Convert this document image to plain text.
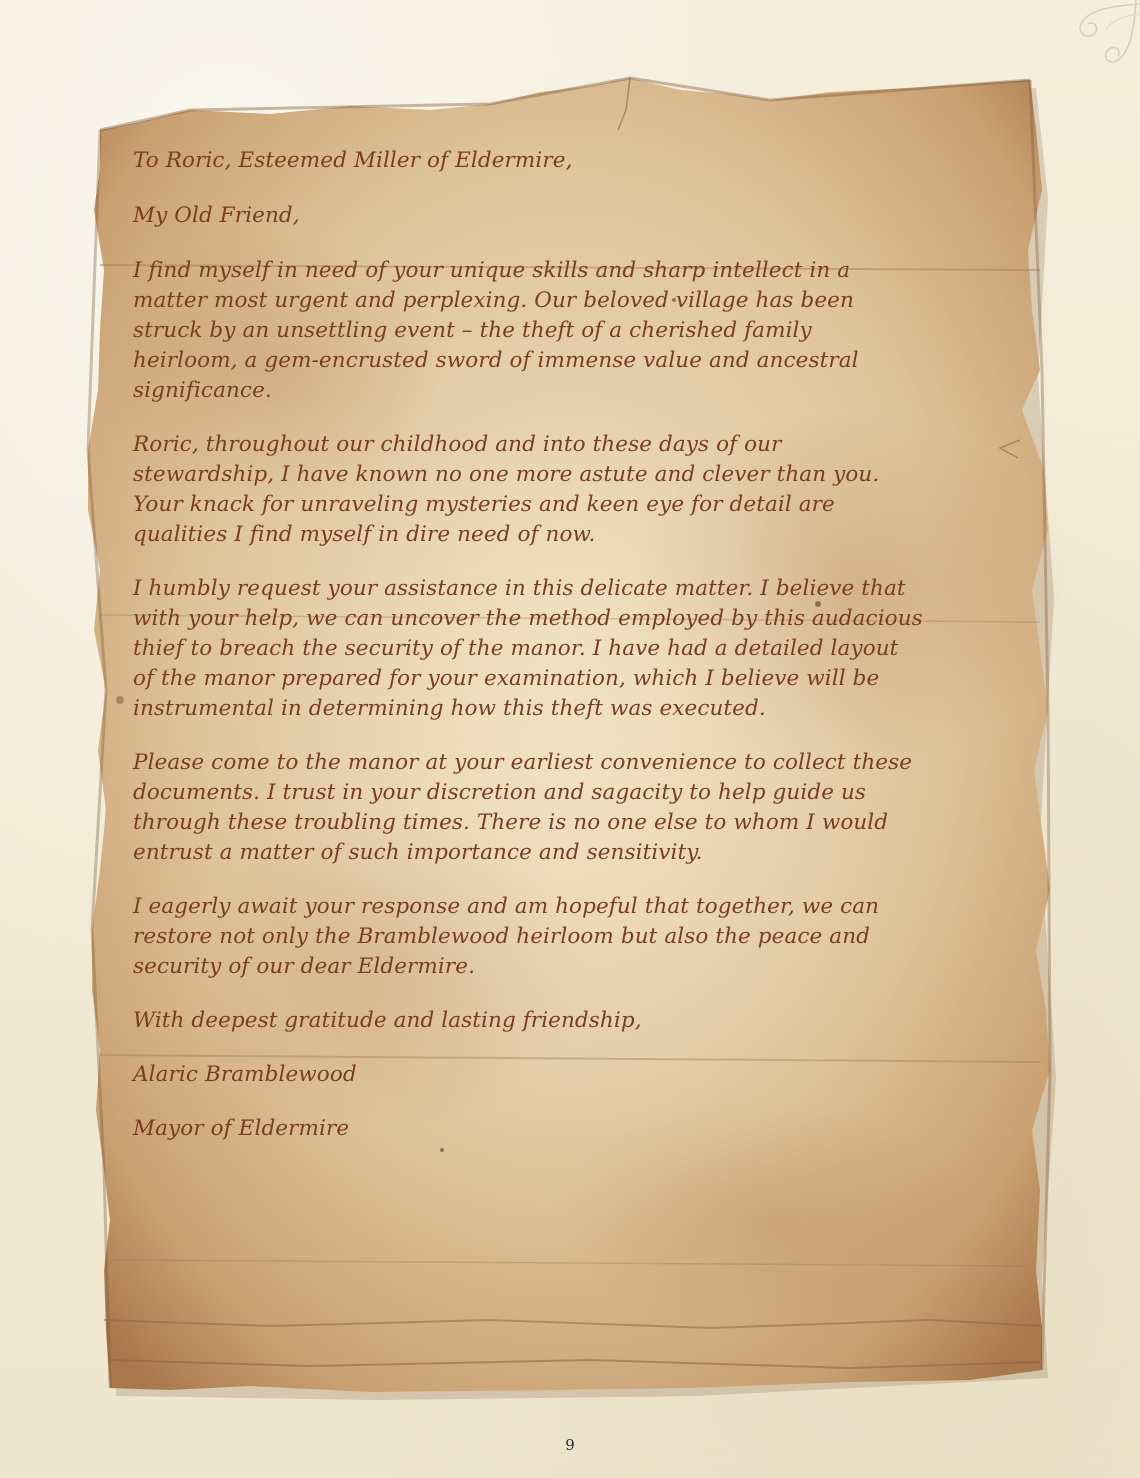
To Roric, Esteemed Miller of Eldermire,

My Old Friend,

I find myself in need of your unique skills and sharp intellect in a matter most urgent and perplexing. Our beloved village has been struck by an unsettling event – the theft of a cherished family heirloom, a gem-encrusted sword of immense value and ancestral significance.

Roric, throughout our childhood and into these days of our stewardship, I have known no one more astute and clever than you. Your knack for unraveling mysteries and keen eye for detail are qualities I find myself in dire need of now.

I humbly request your assistance in this delicate matter. I believe that with your help, we can uncover the method employed by this audacious thief to breach the security of the manor. I have had a detailed layout of the manor prepared for your examination, which I believe will be instrumental in determining how this theft was executed.

Please come to the manor at your earliest convenience to collect these documents. I trust in your discretion and sagacity to help guide us through these troubling times. There is no one else to whom I would entrust a matter of such importance and sensitivity.

I eagerly await your response and am hopeful that together, we can restore not only the Bramblewood heirloom but also the peace and security of our dear Eldermire.

With deepest gratitude and lasting friendship,

Alaric Bramblewood

Mayor of Eldermire

9
